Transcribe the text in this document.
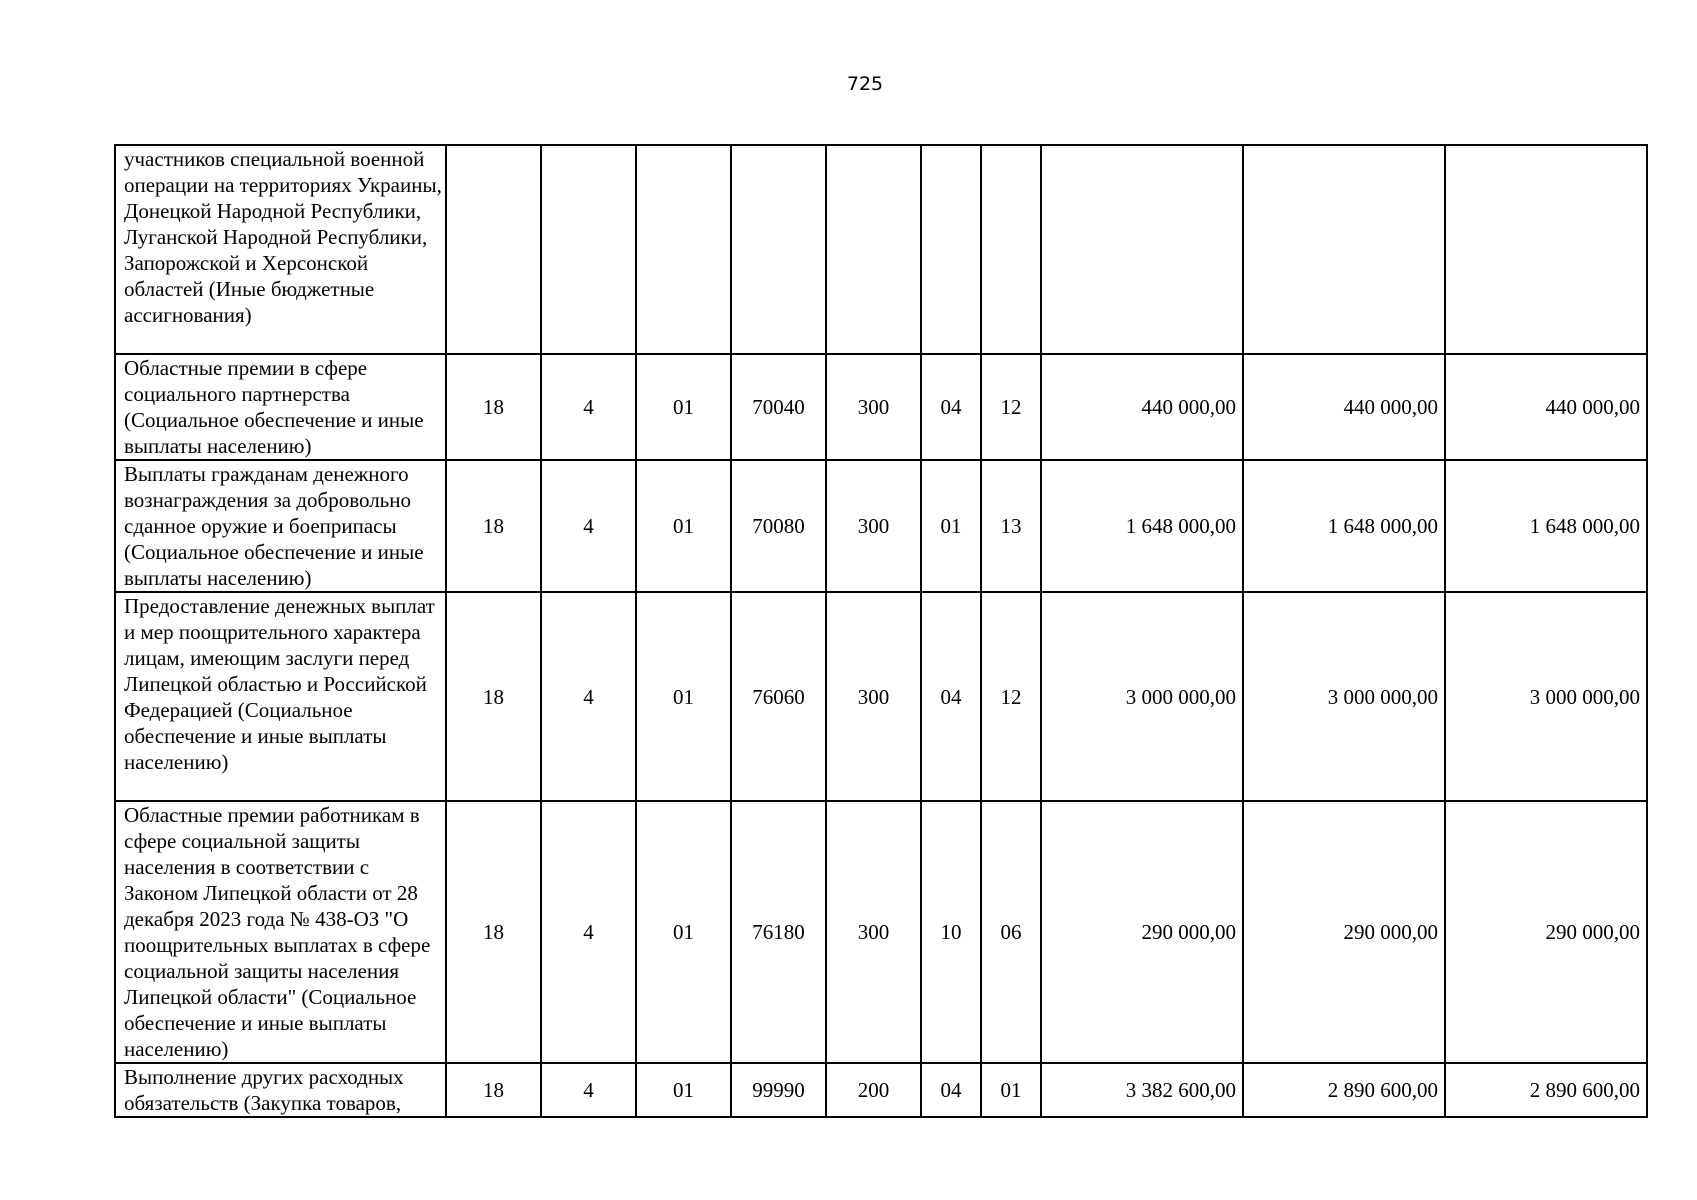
725
участников специальной военной операции на территориях Украины, Донецкой Народной Республики, Луганской Народной Республики, Запорожской и Херсонской областей (Иные бюджетные ассигнования)										
Областные премии в сфере социального партнерства (Социальное обеспечение и иные выплаты населению)	18	4	01	70040	300	04	12	440 000,00	440 000,00	440 000,00
Выплаты гражданам денежного вознаграждения за добровольно сданное оружие и боеприпасы (Социальное обеспечение и иные выплаты населению)	18	4	01	70080	300	01	13	1 648 000,00	1 648 000,00	1 648 000,00
Предоставление денежных выплат и мер поощрительного характера лицам, имеющим заслуги перед Липецкой областью и Российской Федерацией (Социальное обеспечение и иные выплаты населению)	18	4	01	76060	300	04	12	3 000 000,00	3 000 000,00	3 000 000,00
Областные премии работникам в сфере социальной защиты населения в соответствии с Законом Липецкой области от 28 декабря 2023 года № 438-ОЗ "О поощрительных выплатах в сфере социальной защиты населения Липецкой области" (Социальное обеспечение и иные выплаты населению)	18	4	01	76180	300	10	06	290 000,00	290 000,00	290 000,00
Выполнение других расходных обязательств (Закупка товаров,	18	4	01	99990	200	04	01	3 382 600,00	2 890 600,00	2 890 600,00
